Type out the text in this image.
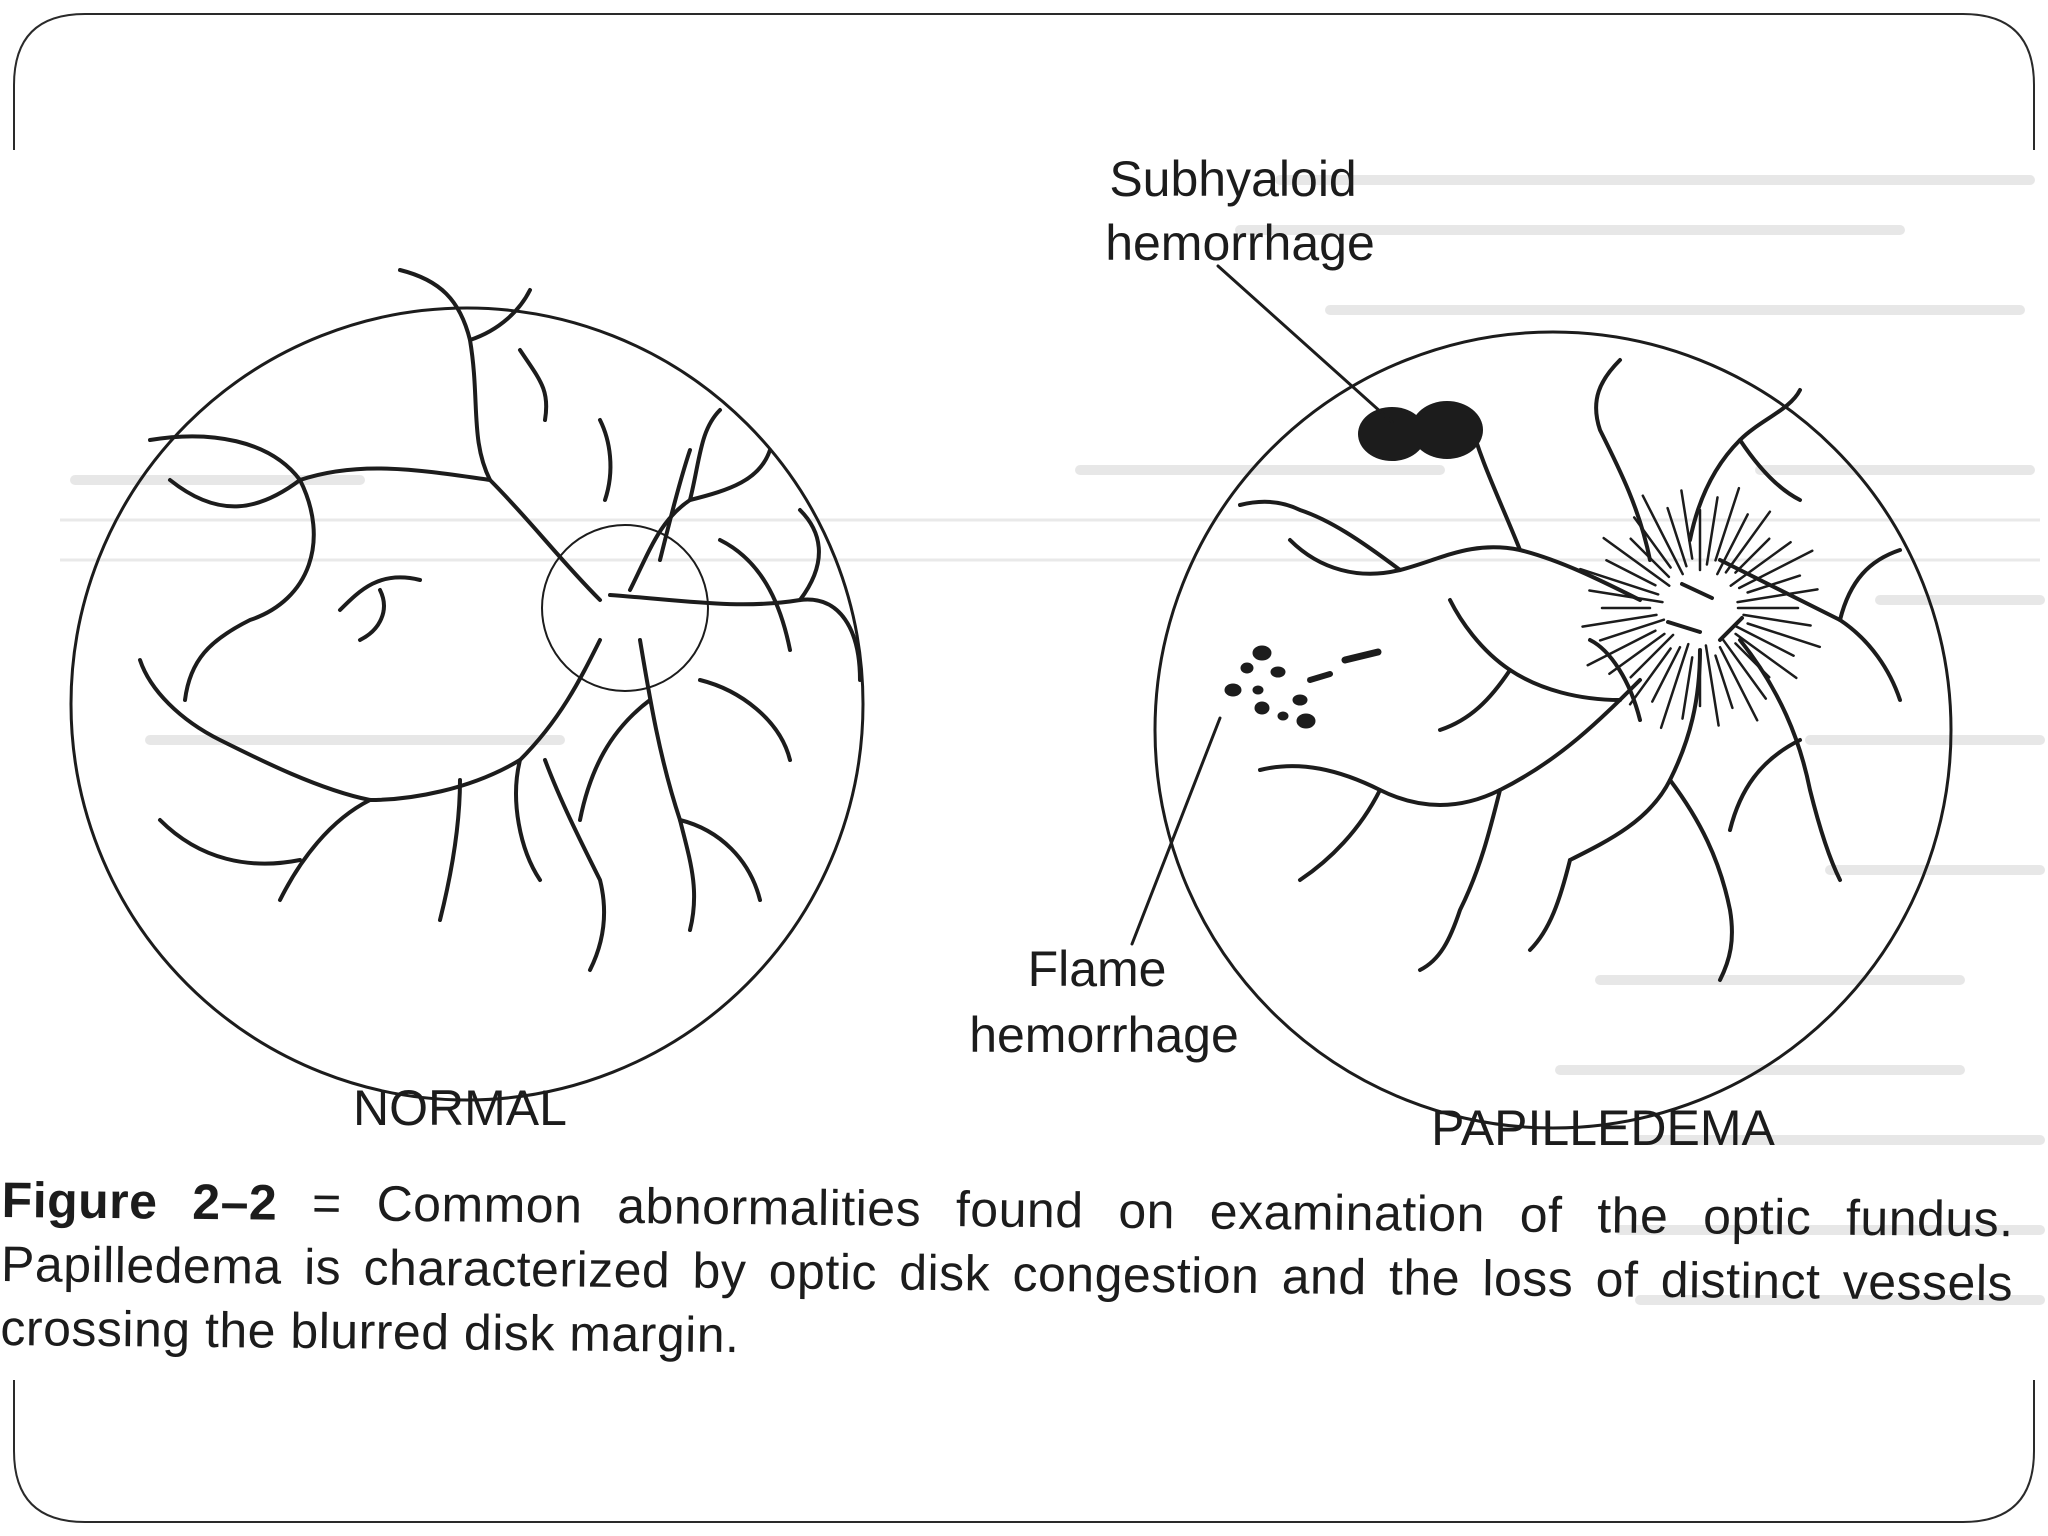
Subhyaloid hemorrhage
Flame hemorrhage
NORMAL	PAPILLEDEMA
Figure 2–2 = Common abnormalities found on examination of the optic fundus. Papilledema is characterized by optic disk congestion and the loss of distinct vessels crossing the blurred disk margin.
